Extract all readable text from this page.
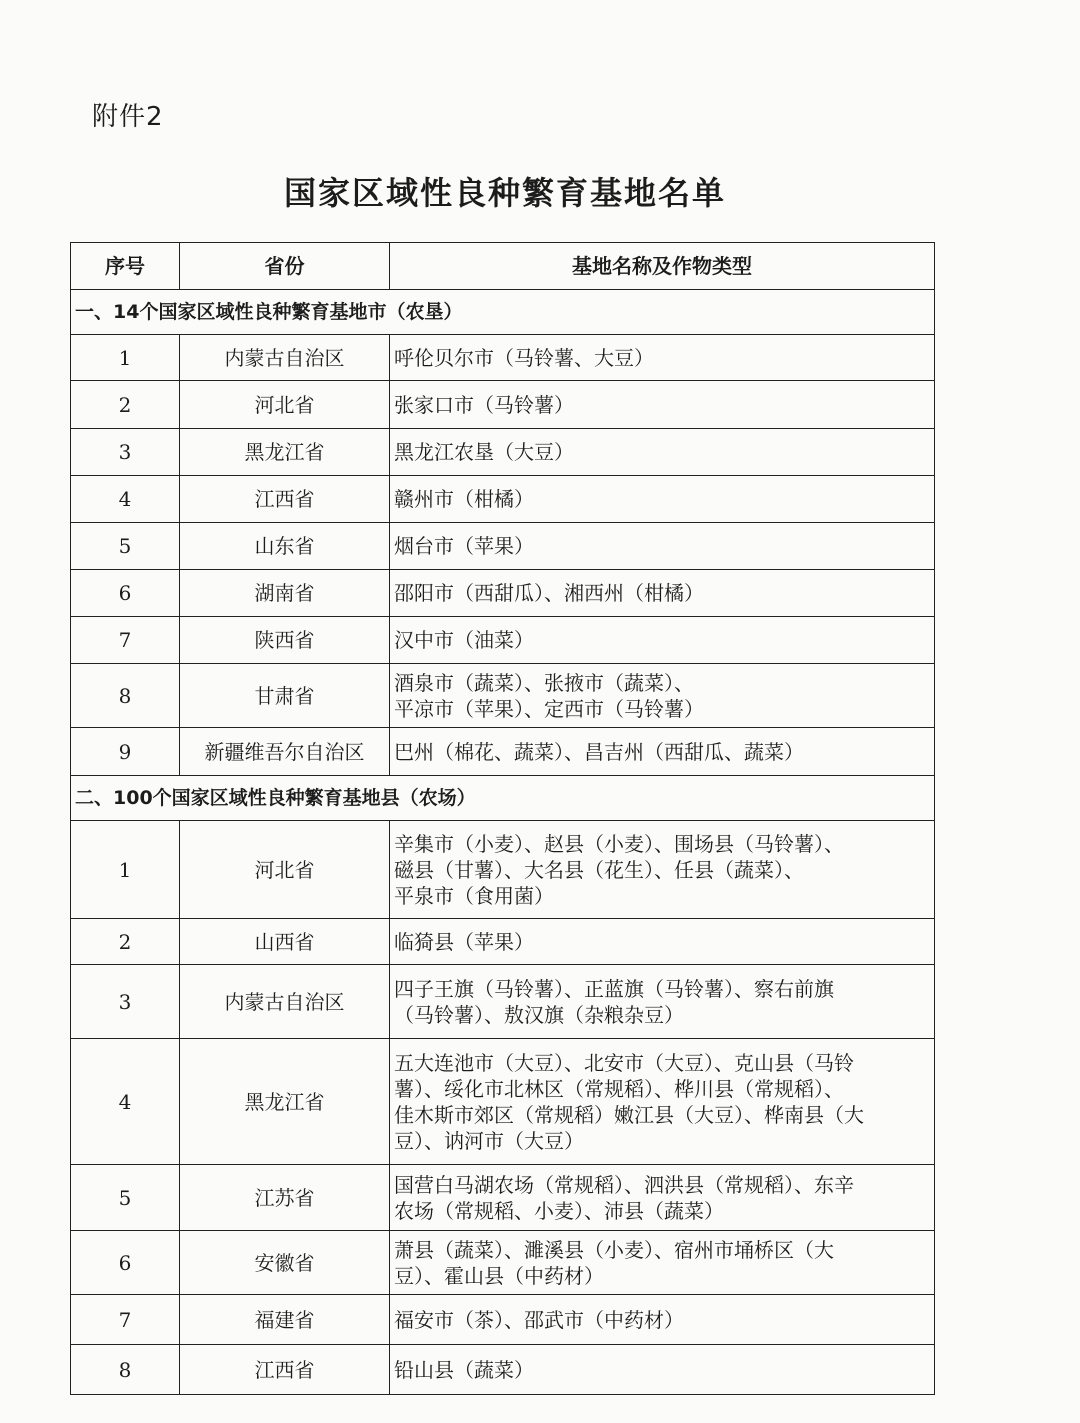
附件2
国家区域性良种繁育基地名单
序号	省份	基地名称及作物类型
一、14个国家区域性良种繁育基地市（农垦）		
1	内蒙古自治区	呼伦贝尔市（马铃薯、大豆）
2	河北省	张家口市（马铃薯）
3	黑龙江省	黑龙江农垦（大豆）
4	江西省	赣州市（柑橘）
5	山东省	烟台市（苹果）
6	湖南省	邵阳市（西甜瓜）、湘西州（柑橘）
7	陕西省	汉中市（油菜）
8	甘肃省	酒泉市（蔬菜）、张掖市（蔬菜）、
平凉市（苹果）、定西市（马铃薯）
9	新疆维吾尔自治区	巴州（棉花、蔬菜）、昌吉州（西甜瓜、蔬菜）
二、100个国家区域性良种繁育基地县（农场）		
1	河北省	辛集市（小麦）、赵县（小麦）、围场县（马铃薯）、
磁县（甘薯）、大名县（花生）、任县（蔬菜）、
平泉市（食用菌）
2	山西省	临猗县（苹果）
3	内蒙古自治区	四子王旗（马铃薯）、正蓝旗（马铃薯）、察右前旗
（马铃薯）、敖汉旗（杂粮杂豆）
4	黑龙江省	五大连池市（大豆）、北安市（大豆）、克山县（马铃
薯）、绥化市北林区（常规稻）、桦川县（常规稻）、
佳木斯市郊区（常规稻）嫩江县（大豆）、桦南县（大
豆）、讷河市（大豆）
5	江苏省	国营白马湖农场（常规稻）、泗洪县（常规稻）、东辛
农场（常规稻、小麦）、沛县（蔬菜）
6	安徽省	萧县（蔬菜）、濉溪县（小麦）、宿州市埇桥区（大
豆）、霍山县（中药材）
7	福建省	福安市（茶）、邵武市（中药材）
8	江西省	铅山县（蔬菜）
